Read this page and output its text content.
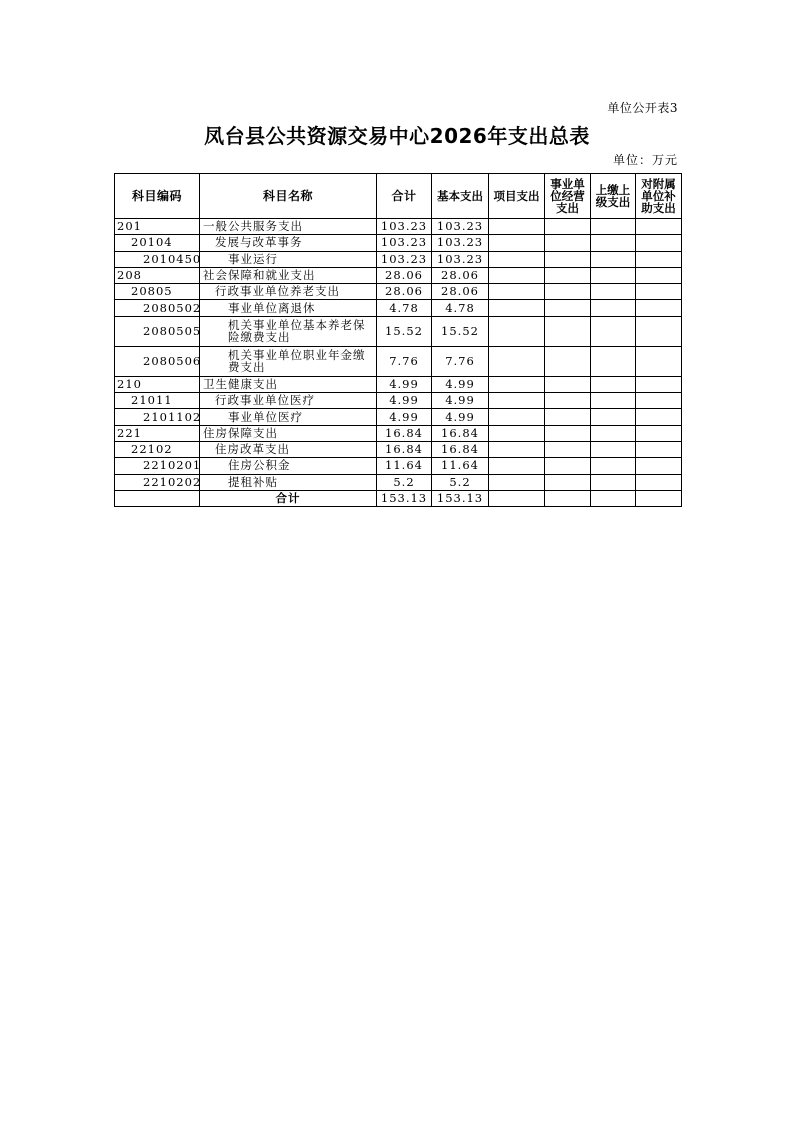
单位公开表3
凤台县公共资源交易中心2026年支出总表
单位：万元
科目编码	科目名称	合计	基本支出	项目支出	事业单位经营支出	上缴上级支出	对附属单位补助支出
201	一般公共服务支出	103.23	103.23				
20104	发展与改革事务	103.23	103.23				
2010450	事业运行	103.23	103.23				
208	社会保障和就业支出	28.06	28.06				
20805	行政事业单位养老支出	28.06	28.06				
2080502	事业单位离退休	4.78	4.78				
2080505	机关事业单位基本养老保险缴费支出	15.52	15.52				
2080506	机关事业单位职业年金缴费支出	7.76	7.76				
210	卫生健康支出	4.99	4.99				
21011	行政事业单位医疗	4.99	4.99				
2101102	事业单位医疗	4.99	4.99				
221	住房保障支出	16.84	16.84				
22102	住房改革支出	16.84	16.84				
2210201	住房公积金	11.64	11.64				
2210202	提租补贴	5.2	5.2				
	合计	153.13	153.13				
